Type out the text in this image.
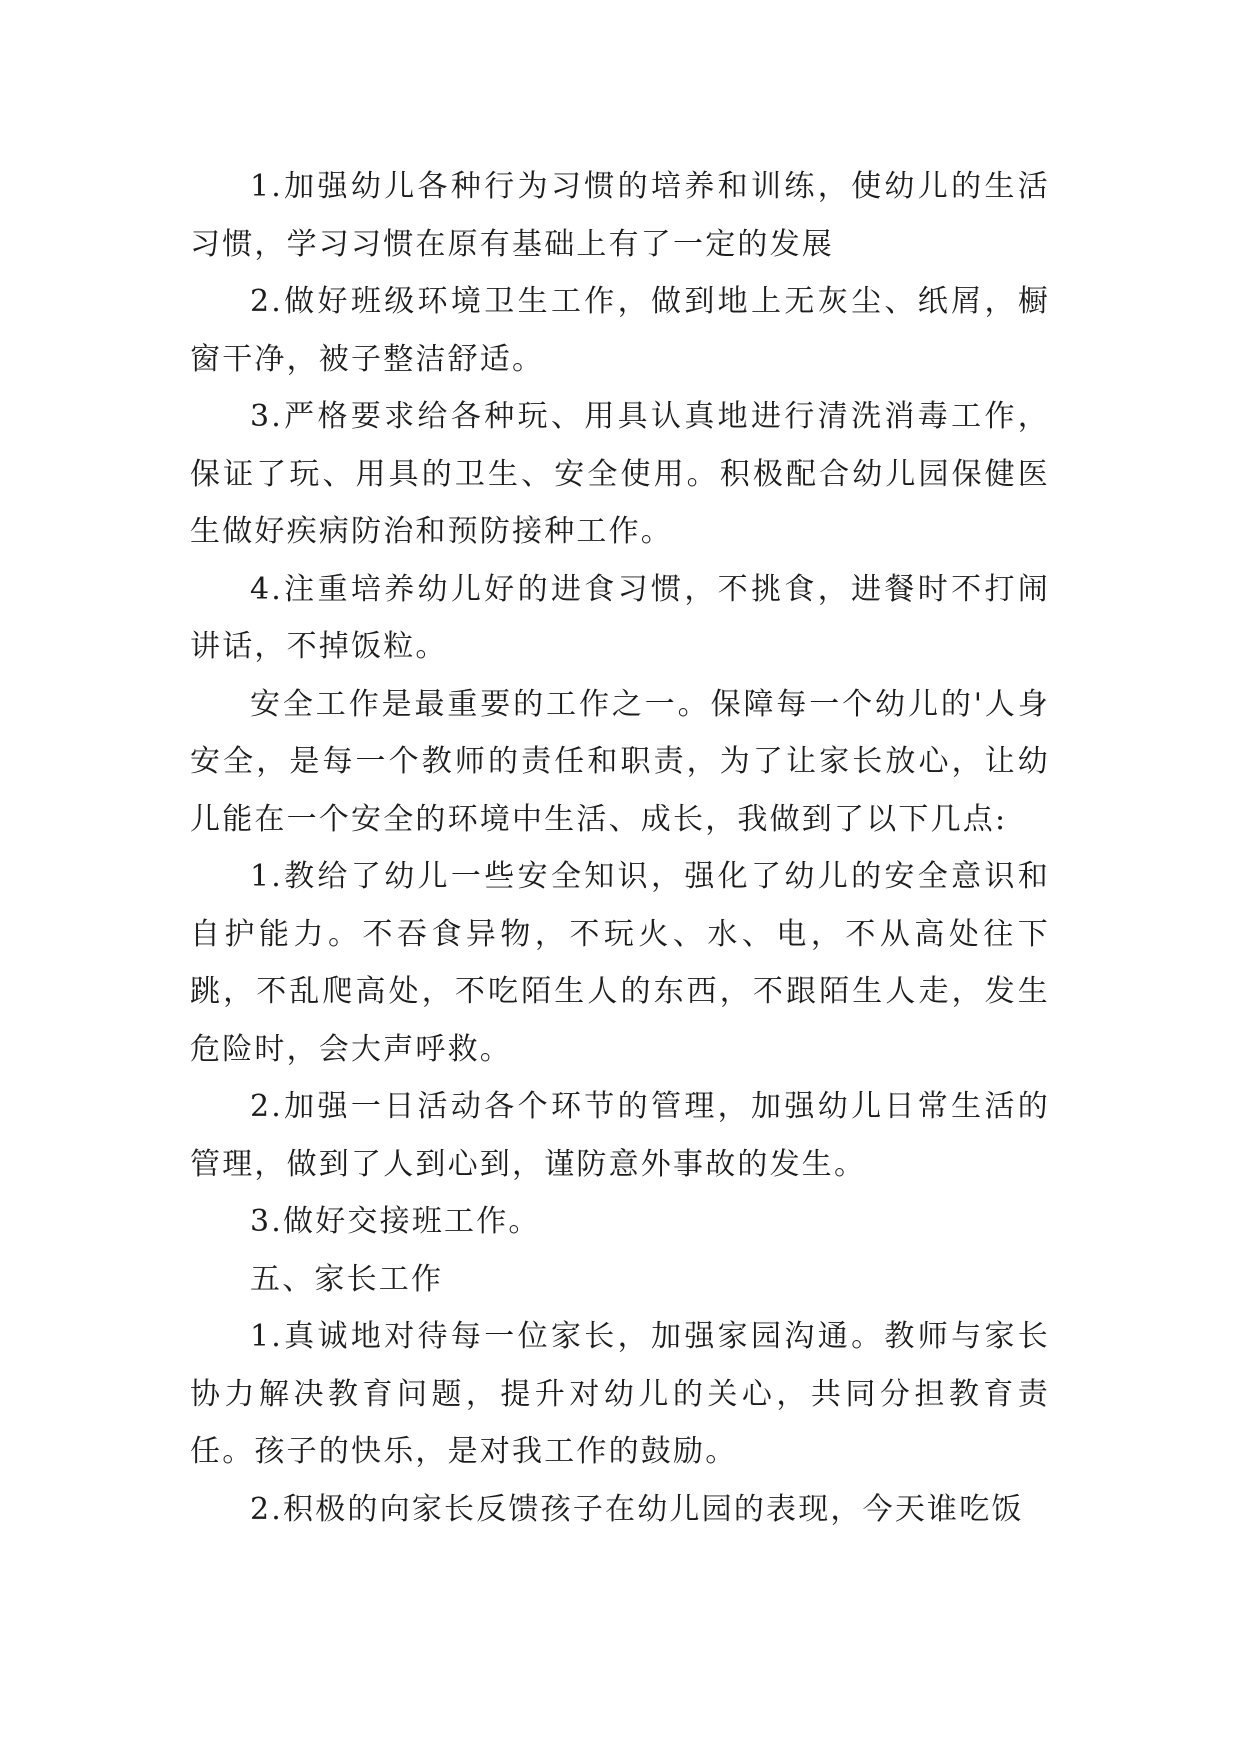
1.加强幼儿各种行为习惯的培养和训练，使幼儿的生活习惯，学习习惯在原有基础上有了一定的发展

2.做好班级环境卫生工作，做到地上无灰尘、纸屑，橱窗干净，被子整洁舒适。

3.严格要求给各种玩、用具认真地进行清洗消毒工作，保证了玩、用具的卫生、安全使用。积极配合幼儿园保健医生做好疾病防治和预防接种工作。

4.注重培养幼儿好的进食习惯，不挑食，进餐时不打闹讲话，不掉饭粒。

安全工作是最重要的工作之一。保障每一个幼儿的'人身安全，是每一个教师的责任和职责，为了让家长放心，让幼儿能在一个安全的环境中生活、成长，我做到了以下几点:

1.教给了幼儿一些安全知识，强化了幼儿的安全意识和自护能力。不吞食异物，不玩火、水、电，不从高处往下跳，不乱爬高处，不吃陌生人的东西，不跟陌生人走，发生危险时，会大声呼救。

2.加强一日活动各个环节的管理，加强幼儿日常生活的管理，做到了人到心到，谨防意外事故的发生。

3.做好交接班工作。

五、家长工作

1.真诚地对待每一位家长，加强家园沟通。教师与家长协力解决教育问题，提升对幼儿的关心，共同分担教育责任。孩子的快乐，是对我工作的鼓励。

2.积极的向家长反馈孩子在幼儿园的表现，今天谁吃饭
